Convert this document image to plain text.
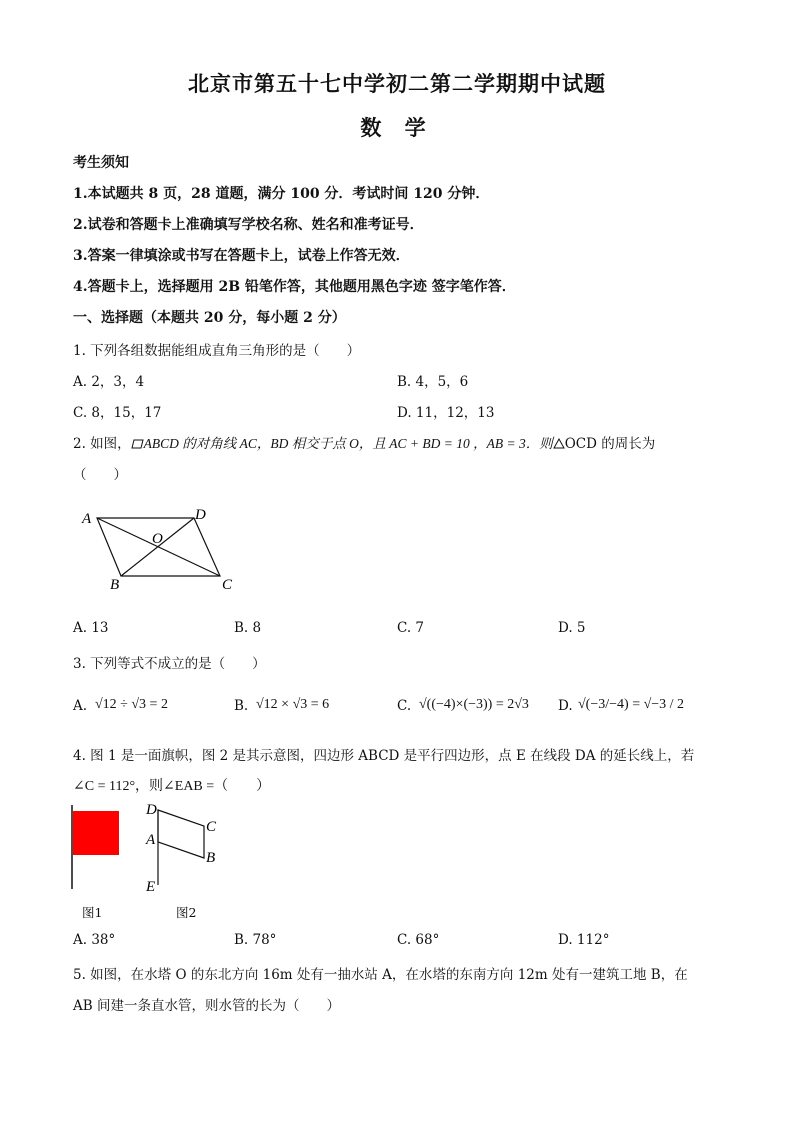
北京市第五十七中学初二第二学期期中试题
数 学
考生须知
1.本试题共 8 页，28 道题，满分 100 分．考试时间 120 分钟．
2.试卷和答题卡上准确填写学校名称、姓名和准考证号．
3.答案一律填涂或书写在答题卡上，试卷上作答无效．
4.答题卡上，选择题用 2B 铅笔作答，其他题用黑色字迹 签字笔作答．
一、选择题（本题共 20 分，每小题 2 分）
1. 下列各组数据能组成直角三角形的是（　　）
A. 2，3，4	B. 4，5，6
C. 8，15，17	D. 11，12，13
2. 如图， ABCD 的对角线 AC，BD 相交于点 O，且 AC + BD = 10 ，AB = 3．则 OCD 的周长为
（　　）
A	D
O
B	C
A. 13	B. 8	C. 7	D. 5
3. 下列等式不成立的是（　　）
A. √12 ÷ √3 = 2	B. √12 × √3 = 6	C. √((−4)×(−3)) = 2√3 D. √(−3/−4) = √−3 / 2
4. 图 1 是一面旗帜，图 2 是其示意图，四边形 ABCD 是平行四边形，点 E 在线段 DA 的延长线上，若
∠C = 112°，则∠EAB =（　　）
D
A
C
B
E
图1	图2
A. 38°	B. 78°	C. 68°	D. 112°
5. 如图，在水塔 O 的东北方向 16m 处有一抽水站 A，在水塔的东南方向 12m 处有一建筑工地 B，在
AB 间建一条直水管，则水管的长为（　　）
